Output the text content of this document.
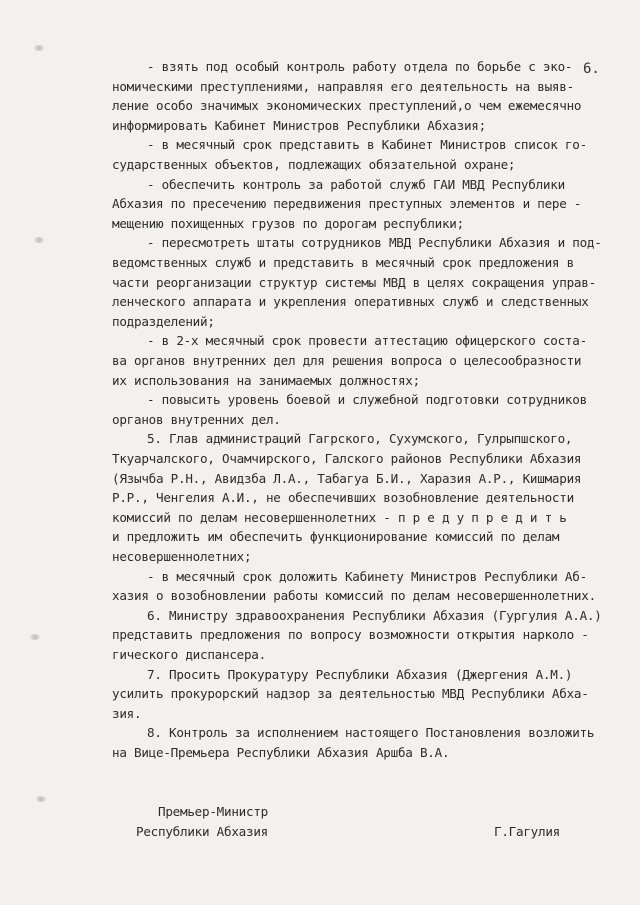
6.
- взять под особый контроль работу отдела по борьбе с эко-
номическими преступлениями, направляя его деятельность на выяв-
ление особо значимых экономических преступлений,о чем ежемесячно
информировать Кабинет Министров Республики Абхазия;
- в месячный срок представить в Кабинет Министров список го-
сударственных объектов, подлежащих обязательной охране;
- обеспечить контроль за работой служб ГАИ МВД Республики
Абхазия по пресечению передвижения преступных элементов и пере -
мещению похищенных грузов по дорогам республики;
- пересмотреть штаты сотрудников МВД Республики Абхазия и под-
ведомственных служб и представить в месячный срок предложения в
части реорганизации структур системы МВД в целях сокращения управ-
ленческого аппарата и укрепления оперативных служб и следственных
подразделений;
- в 2-х месячный срок провести аттестацию офицерского соста-
ва органов внутренних дел для решения вопроса о целесообразности
их использования на занимаемых должностях;
- повысить уровень боевой и служебной подготовки сотрудников
органов внутренних дел.
5. Глав администраций Гагрского, Сухумского, Гулрыпшского,
Ткуарчалского, Очамчирского, Галского районов Республики Абхазия
(Язычба Р.Н., Авидзба Л.А., Табагуа Б.И., Харазия А.Р., Кишмария
Р.Р., Ченгелия А.И., не обеспечивших возобновление деятельности
комиссий по делам несовершеннолетних - п р е д у п р е д и т ь
и предложить им обеспечить функционирование комиссий по делам
несовершеннолетних;
- в месячный срок доложить Кабинету Министров Республики Аб-
хазия о возобновлении работы комиссий по делам несовершеннолетних.
6. Министру здравоохранения Республики Абхазия (Гургулия А.А.)
представить предложения по вопросу возможности открытия нарколо -
гического диспансера.
7. Просить Прокуратуру Республики Абхазия (Джергения А.М.)
усилить прокурорский надзор за деятельностью МВД Республики Абха-
зия.
8. Контроль за исполнением настоящего Постановления возложить
на Вице-Премьера Республики Абхазия Аршба В.А.
Премьер-Министр
Республики Абхазия	Г.Гагулия
